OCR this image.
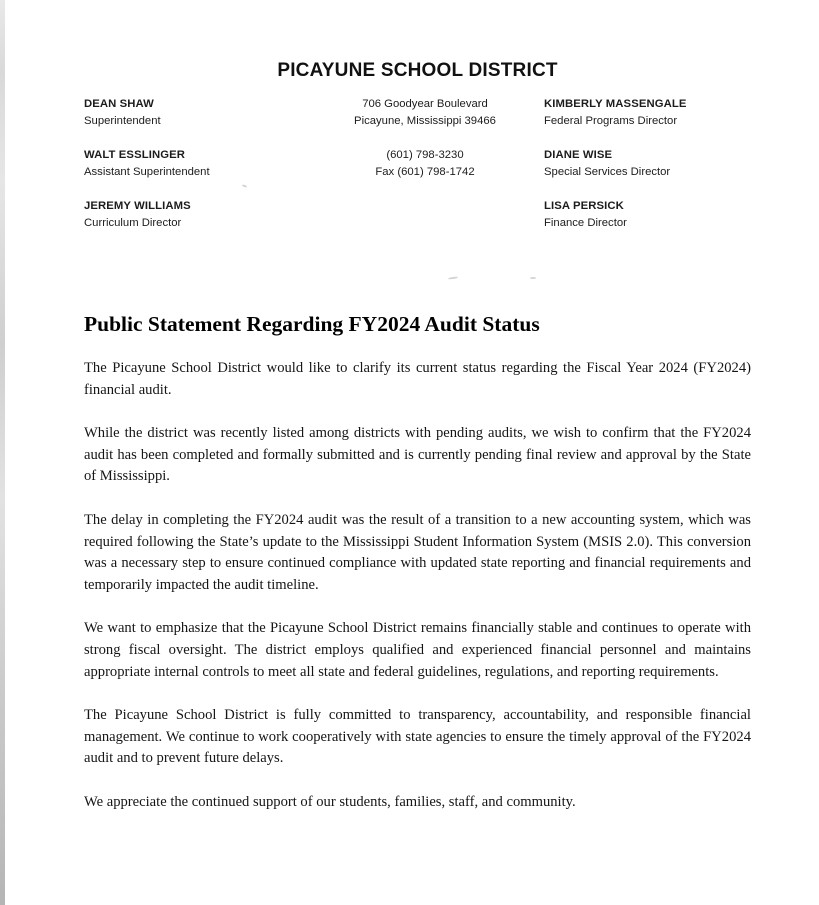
PICAYUNE SCHOOL DISTRICT
DEAN SHAW
Superintendent
706 Goodyear Boulevard
Picayune, Mississippi 39466
KIMBERLY MASSENGALE
Federal Programs Director
WALT ESSLINGER
Assistant Superintendent
(601) 798-3230
Fax (601) 798-1742
DIANE WISE
Special Services Director
JEREMY WILLIAMS
Curriculum Director
LISA PERSICK
Finance Director
Public Statement Regarding FY2024 Audit Status

The Picayune School District would like to clarify its current status regarding the Fiscal Year 2024 (FY2024) financial audit.

While the district was recently listed among districts with pending audits, we wish to confirm that the FY2024 audit has been completed and formally submitted and is currently pending final review and approval by the State of Mississippi.

The delay in completing the FY2024 audit was the result of a transition to a new accounting system, which was required following the State’s update to the Mississippi Student Information System (MSIS 2.0). This conversion was a necessary step to ensure continued compliance with updated state reporting and financial requirements and temporarily impacted the audit timeline.

We want to emphasize that the Picayune School District remains financially stable and continues to operate with strong fiscal oversight. The district employs qualified and experienced financial personnel and maintains appropriate internal controls to meet all state and federal guidelines, regulations, and reporting requirements.

The Picayune School District is fully committed to transparency, accountability, and responsible financial management. We continue to work cooperatively with state agencies to ensure the timely approval of the FY2024 audit and to prevent future delays.

We appreciate the continued support of our students, families, staff, and community.
